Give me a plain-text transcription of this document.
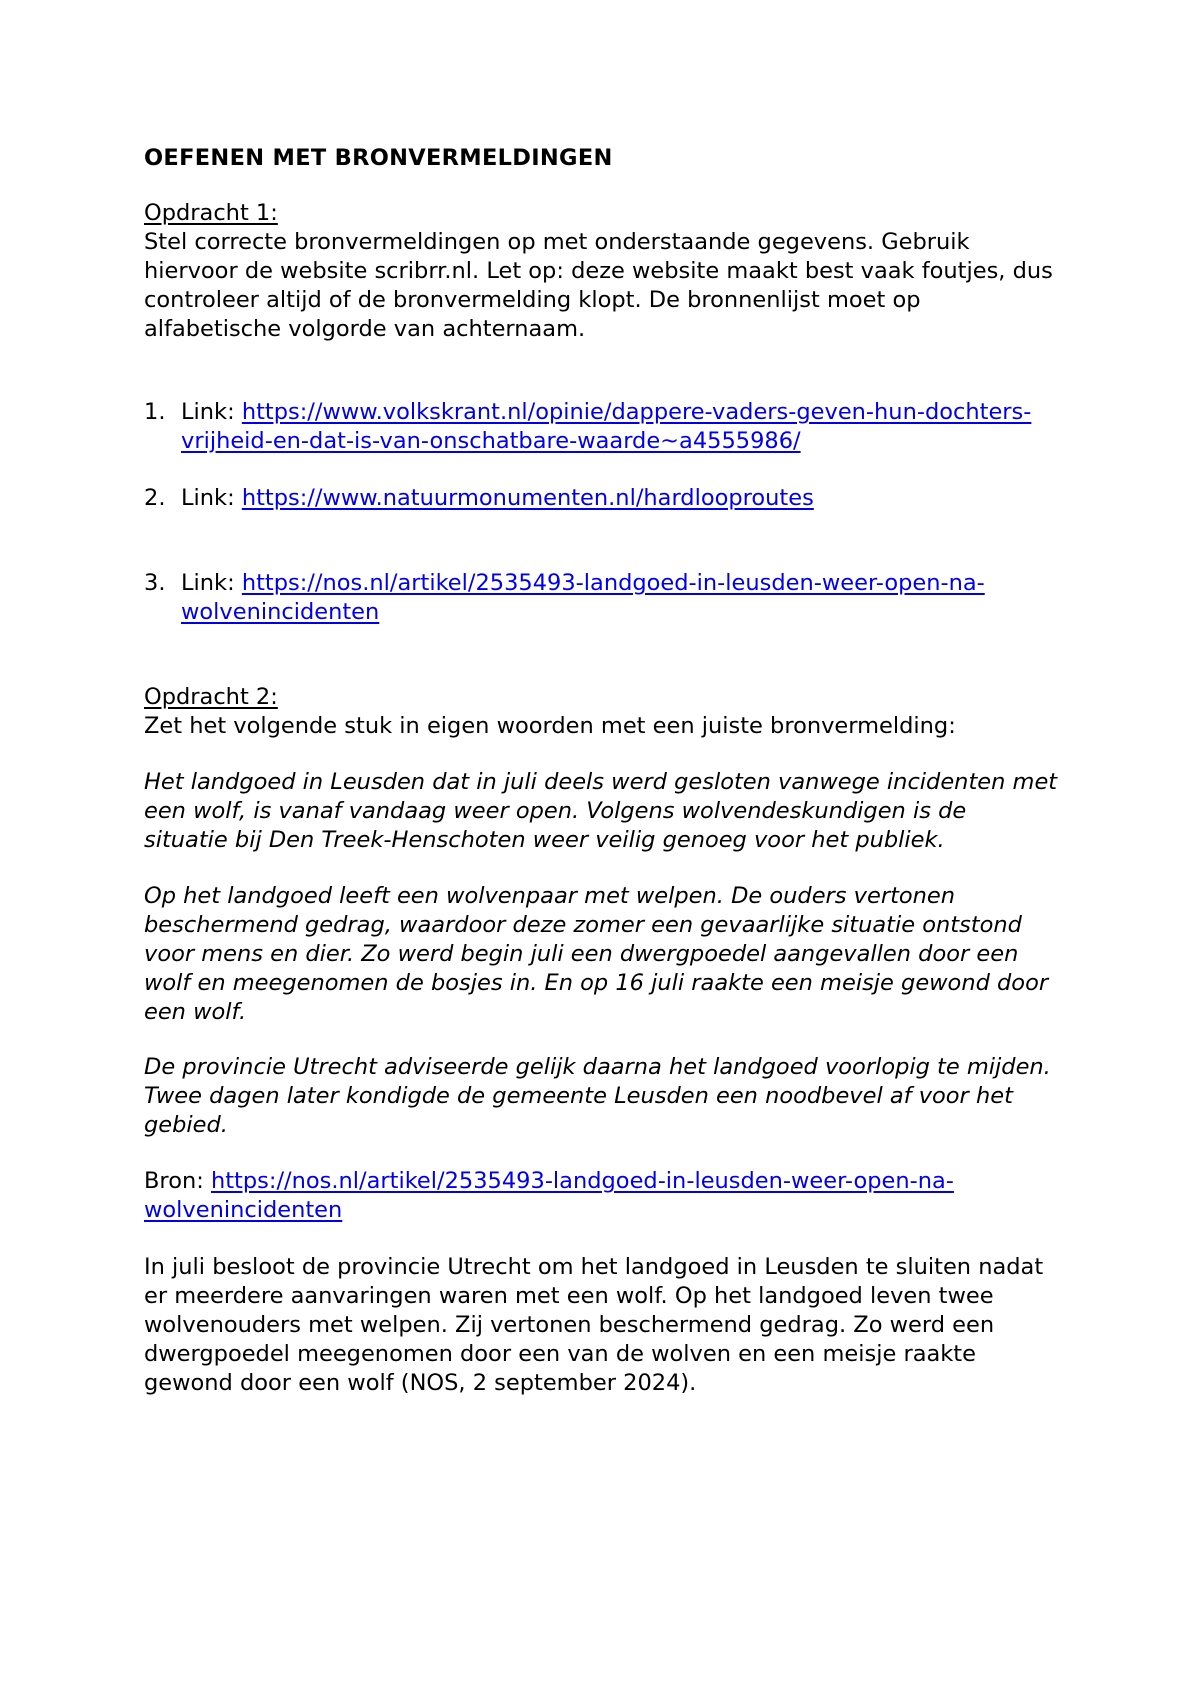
OEFENEN MET BRONVERMELDINGEN
Opdracht 1:
Stel correcte bronvermeldingen op met onderstaande gegevens. Gebruik
hiervoor de website scribrr.nl. Let op: deze website maakt best vaak foutjes, dus
controleer altijd of de bronvermelding klopt. De bronnenlijst moet op
alfabetische volgorde van achternaam.
1. Link: https://www.volkskrant.nl/opinie/dappere-vaders-geven-hun-dochters-
vrijheid-en-dat-is-van-onschatbare-waarde~a4555986/
2. Link: https://www.natuurmonumenten.nl/hardlooproutes
3. Link: https://nos.nl/artikel/2535493-landgoed-in-leusden-weer-open-na-
wolvenincidenten
Opdracht 2:
Zet het volgende stuk in eigen woorden met een juiste bronvermelding:
Het landgoed in Leusden dat in juli deels werd gesloten vanwege incidenten met
een wolf, is vanaf vandaag weer open. Volgens wolvendeskundigen is de
situatie bij Den Treek-Henschoten weer veilig genoeg voor het publiek.
Op het landgoed leeft een wolvenpaar met welpen. De ouders vertonen
beschermend gedrag, waardoor deze zomer een gevaarlijke situatie ontstond
voor mens en dier. Zo werd begin juli een dwergpoedel aangevallen door een
wolf en meegenomen de bosjes in. En op 16 juli raakte een meisje gewond door
een wolf.
De provincie Utrecht adviseerde gelijk daarna het landgoed voorlopig te mijden.
Twee dagen later kondigde de gemeente Leusden een noodbevel af voor het
gebied.
Bron: https://nos.nl/artikel/2535493-landgoed-in-leusden-weer-open-na-
wolvenincidenten
In juli besloot de provincie Utrecht om het landgoed in Leusden te sluiten nadat
er meerdere aanvaringen waren met een wolf. Op het landgoed leven twee
wolvenouders met welpen. Zij vertonen beschermend gedrag. Zo werd een
dwergpoedel meegenomen door een van de wolven en een meisje raakte
gewond door een wolf (NOS, 2 september 2024).
